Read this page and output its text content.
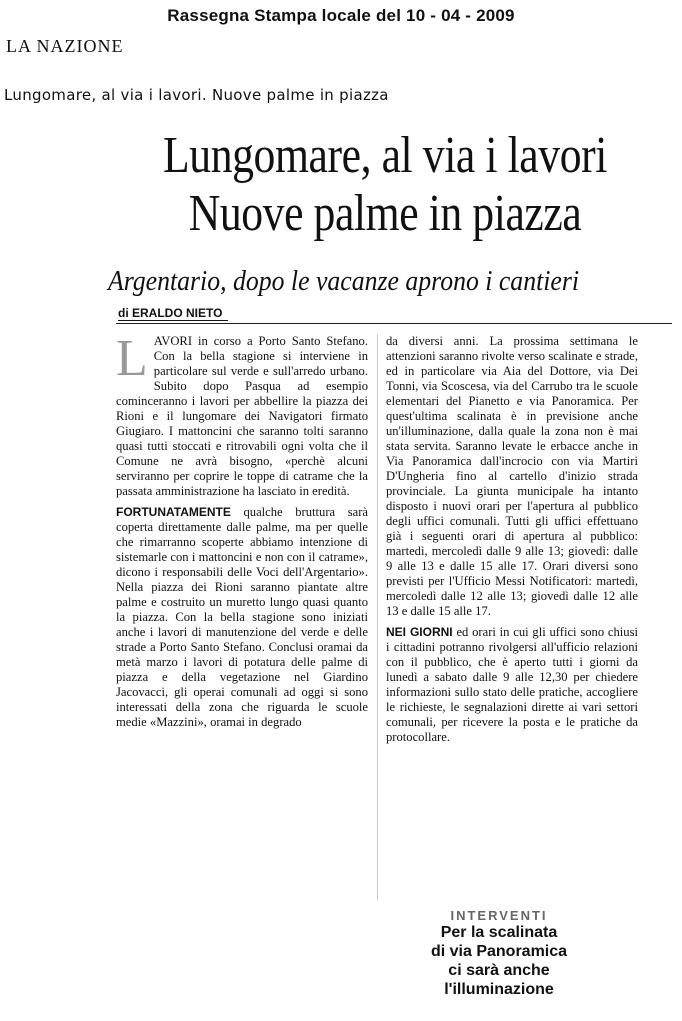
Rassegna Stampa locale del 10 - 04 - 2009
LA NAZIONE
Lungomare, al via i lavori. Nuove palme in piazza
Lungomare, al via i lavori
Nuove palme in piazza
Argentario, dopo le vacanze aprono i cantieri
di ERALDO NIETO

LAVORI in corso a Porto Santo Stefano. Con la bella stagione si interviene in particolare sul verde e sull'arredo urbano. Subito dopo Pasqua ad esempio cominceranno i lavori per abbellire la piazza dei Rioni e il lungomare dei Navigatori firmato Giugiaro. I mattoncini che saranno tolti saranno quasi tutti stoccati e ritrovabili ogni volta che il Comune ne avrà bisogno, «perchè alcuni serviranno per coprire le toppe di catrame che la passata amministrazione ha lasciato in eredità.

FORTUNATAMENTE qualche bruttura sarà coperta direttamente dalle palme, ma per quelle che rimarranno scoperte abbiamo intenzione di sistemarle con i mattoncini e non con il catrame», dicono i responsabili delle Voci dell'Argentario». Nella piazza dei Rioni saranno piantate altre palme e costruito un muretto lungo quasi quanto la piazza. Con la bella stagione sono iniziati anche i lavori di manutenzione del verde e delle strade a Porto Santo Stefano. Conclusi oramai da metà marzo i lavori di potatura delle palme di piazza e della vegetazione nel Giardino Jacovacci, gli operai comunali ad oggi si sono interessati della zona che riguarda le scuole medie «Mazzini», oramai in degrado

da diversi anni. La prossima settimana le attenzioni saranno rivolte verso scalinate e strade, ed in particolare via Aia del Dottore, via Dei Tonni, via Scoscesa, via del Carrubo tra le scuole elementari del Pianetto e via Panoramica. Per quest'ultima scalinata è in previsione anche un'illuminazione, dalla quale la zona non è mai stata servita. Saranno levate le erbacce anche in Via Panoramica dall'incrocio con via Martiri D'Ungheria fino al cartello d'inizio strada provinciale. La giunta municipale ha intanto disposto i nuovi orari per l'apertura al pubblico degli uffici comunali. Tutti gli uffici effettuano già i seguenti orari di apertura al pubblico: martedì, mercoledì dalle 9 alle 13; giovedì: dalle 9 alle 13 e dalle 15 alle 17. Orari diversi sono previsti per l'Ufficio Messi Notificatori: martedì, mercoledì dalle 12 alle 13; giovedì dalle 12 alle 13 e dalle 15 alle 17.

NEI GIORNI ed orari in cui gli uffici sono chiusi i cittadini potranno rivolgersi all'ufficio relazioni con il pubblico, che è aperto tutti i giorni da lunedì a sabato dalle 9 alle 12,30 per chiedere informazioni sullo stato delle pratiche, accogliere le richieste, le segnalazioni dirette ai vari settori comunali, per ricevere la posta e le pratiche da protocollare.

INTERVENTI
Per la scalinata
di via Panoramica
ci sarà anche
l'illuminazione
